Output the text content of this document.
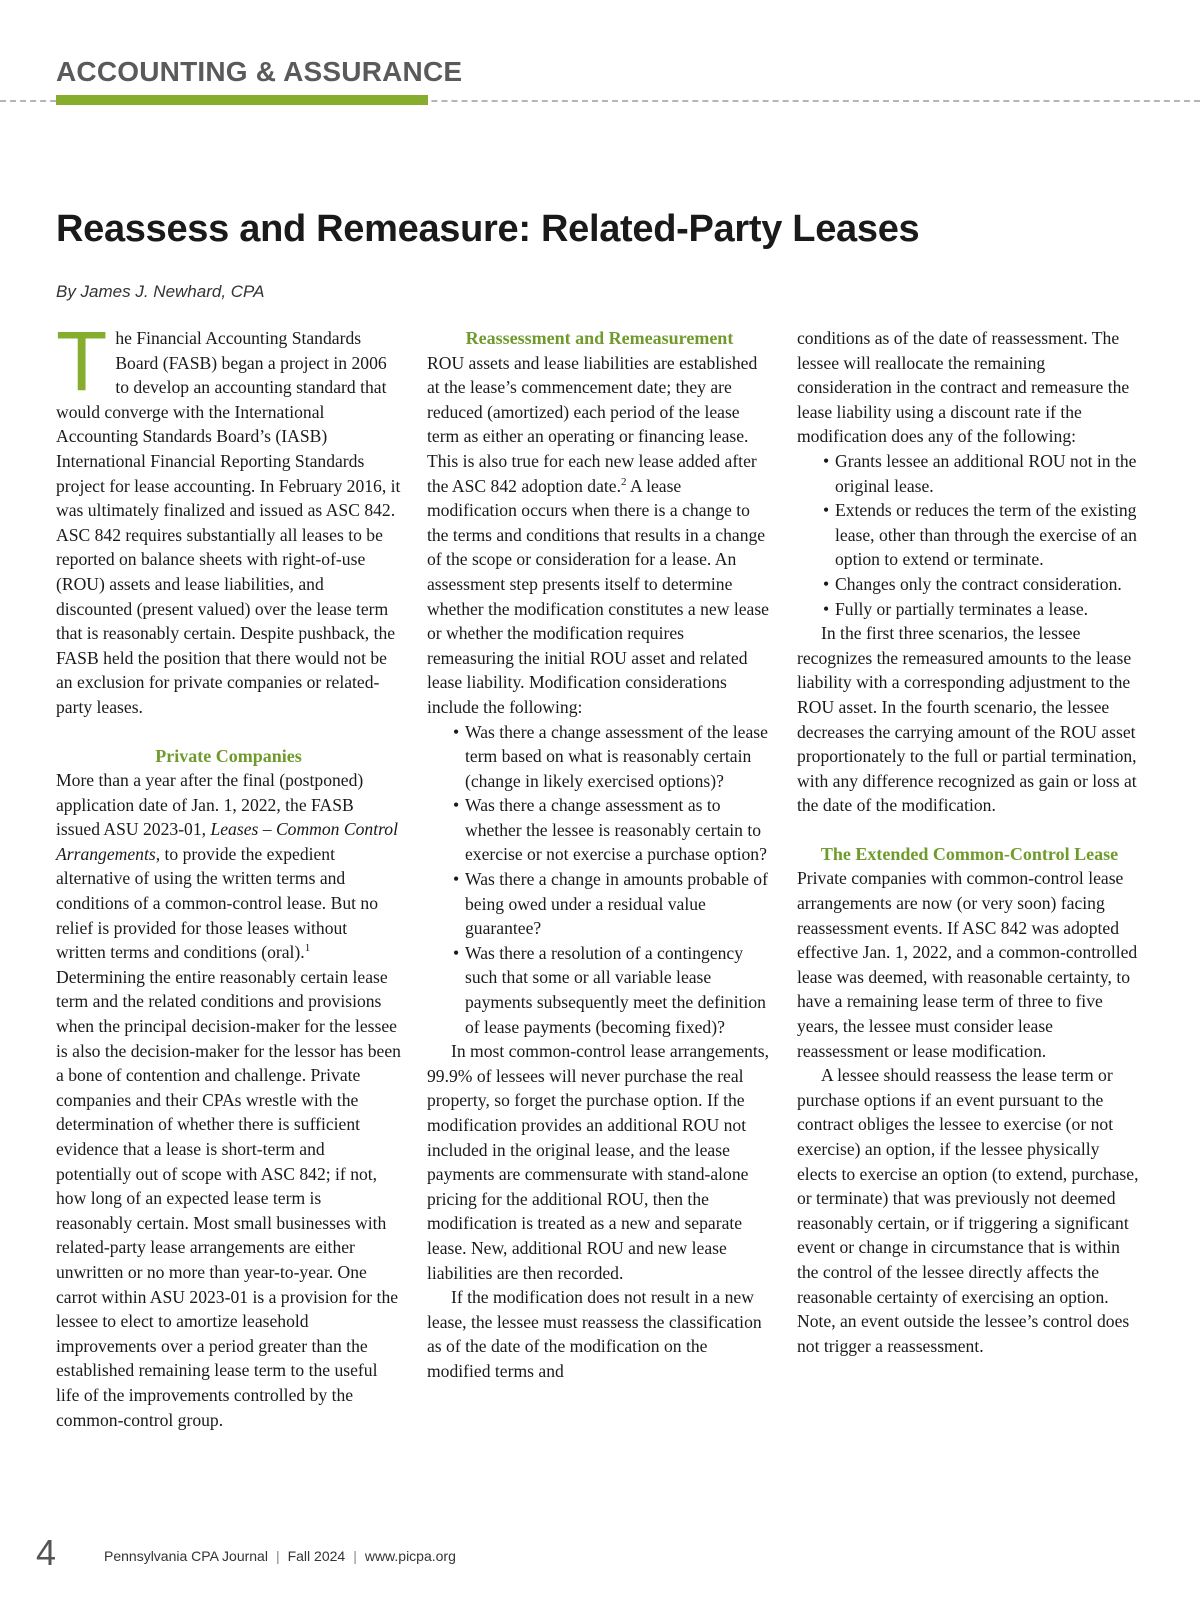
ACCOUNTING & ASSURANCE
Reassess and Remeasure: Related-Party Leases
By James J. Newhard, CPA

The Financial Accounting Standards Board (FASB) began a project in 2006 to develop an accounting standard that would converge with the International Accounting Standards Board’s (IASB) International Financial Reporting Standards project for lease accounting. In February 2016, it was ultimately finalized and issued as ASC 842. ASC 842 requires substantially all leases to be reported on balance sheets with right-of-use (ROU) assets and lease liabilities, and discounted (present valued) over the lease term that is reasonably certain. Despite pushback, the FASB held the position that there would not be an exclusion for private companies or related-party leases.

Private Companies

More than a year after the final (postponed) application date of Jan. 1, 2022, the FASB issued ASU 2023-01, Leases – Common Control Arrangements, to provide the expedient alternative of using the written terms and conditions of a common-control lease. But no relief is provided for those leases without written terms and conditions (oral).$^1$ Determining the entire reasonably certain lease term and the related conditions and provisions when the principal decision-maker for the lessee is also the decision-maker for the lessor has been a bone of contention and challenge. Private companies and their CPAs wrestle with the determination of whether there is sufficient evidence that a lease is short-term and potentially out of scope with ASC 842; if not, how long of an expected lease term is reasonably certain. Most small businesses with related-party lease arrangements are either unwritten or no more than year-to-year. One carrot within ASU 2023-01 is a provision for the lessee to elect to amortize leasehold improvements over a period greater than the established remaining lease term to the useful life of the improvements controlled by the common-control group.

Reassessment and Remeasurement

ROU assets and lease liabilities are established at the lease’s commencement date; they are reduced (amortized) each period of the lease term as either an operating or financing lease. This is also true for each new lease added after the ASC 842 adoption date.$^2$ A lease modification occurs when there is a change to the terms and conditions that results in a change of the scope or consideration for a lease. An assessment step presents itself to determine whether the modification constitutes a new lease or whether the modification requires remeasuring the initial ROU asset and related lease liability. Modification considerations include the following:

• Was there a change assessment of the lease term based on what is reasonably certain (change in likely exercised options)?
• Was there a change assessment as to whether the lessee is reasonably certain to exercise or not exercise a purchase option?
• Was there a change in amounts probable of being owed under a residual value guarantee?
• Was there a resolution of a contingency such that some or all variable lease payments subsequently meet the definition of lease payments (becoming fixed)?

In most common-control lease arrangements, 99.9% of lessees will never purchase the real property, so forget the purchase option. If the modification provides an additional ROU not included in the original lease, and the lease payments are commensurate with stand-alone pricing for the additional ROU, then the modification is treated as a new and separate lease. New, additional ROU and new lease liabilities are then recorded.

If the modification does not result in a new lease, the lessee must reassess the classification as of the date of the modification on the modified terms and

conditions as of the date of reassessment. The lessee will reallocate the remaining consideration in the contract and remeasure the lease liability using a discount rate if the modification does any of the following:

• Grants lessee an additional ROU not in the original lease.
• Extends or reduces the term of the existing lease, other than through the exercise of an option to extend or terminate.
• Changes only the contract consideration.
• Fully or partially terminates a lease.

In the first three scenarios, the lessee recognizes the remeasured amounts to the lease liability with a corresponding adjustment to the ROU asset. In the fourth scenario, the lessee decreases the carrying amount of the ROU asset proportionately to the full or partial termination, with any difference recognized as gain or loss at the date of the modification.

The Extended Common-Control Lease

Private companies with common-control lease arrangements are now (or very soon) facing reassessment events. If ASC 842 was adopted effective Jan. 1, 2022, and a common-controlled lease was deemed, with reasonable certainty, to have a remaining lease term of three to five years, the lessee must consider lease reassessment or lease modification.

A lessee should reassess the lease term or purchase options if an event pursuant to the contract obliges the lessee to exercise (or not exercise) an option, if the lessee physically elects to exercise an option (to extend, purchase, or terminate) that was previously not deemed reasonably certain, or if triggering a significant event or change in circumstance that is within the control of the lessee directly affects the reasonable certainty of exercising an option. Note, an event outside the lessee’s control does not trigger a reassessment.

4	Pennsylvania CPA Journal | Fall 2024 | www.picpa.org
